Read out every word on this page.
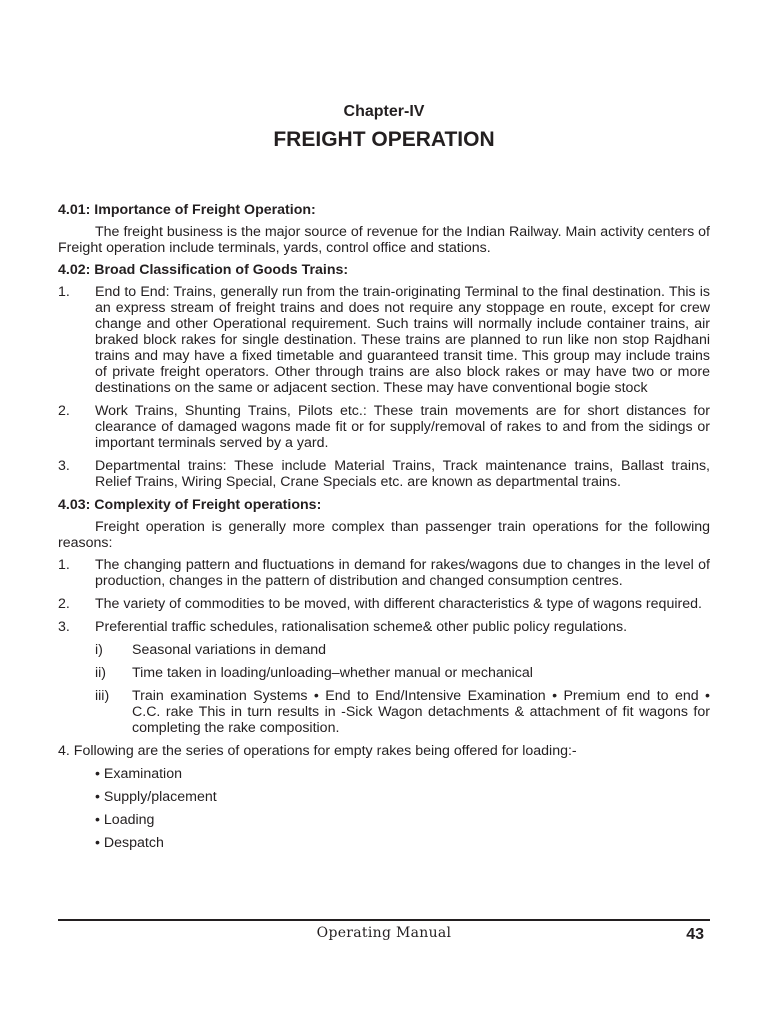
Chapter-IV
FREIGHT OPERATION
4.01: Importance of Freight Operation:
The freight business is the major source of revenue for the Indian Railway. Main activity centers of Freight operation include terminals, yards, control office and stations.
4.02: Broad Classification of Goods Trains:
1. End to End: Trains, generally run from the train-originating Terminal to the final destination. This is an express stream of freight trains and does not require any stoppage en route, except for crew change and other Operational requirement. Such trains will normally include container trains, air braked block rakes for single destination. These trains are planned to run like non stop Rajdhani trains and may have a fixed timetable and guaranteed transit time. This group may include trains of private freight operators. Other through trains are also block rakes or may have two or more destinations on the same or adjacent section. These may have conventional bogie stock
2. Work Trains, Shunting Trains, Pilots etc.: These train movements are for short distances for clearance of damaged wagons made fit or for supply/removal of rakes to and from the sidings or important terminals served by a yard.
3. Departmental trains: These include Material Trains, Track maintenance trains, Ballast trains, Relief Trains, Wiring Special, Crane Specials etc. are known as departmental trains.
4.03: Complexity of Freight operations:
Freight operation is generally more complex than passenger train operations for the following reasons:
1. The changing pattern and fluctuations in demand for rakes/wagons due to changes in the level of production, changes in the pattern of distribution and changed consumption centres.
2. The variety of commodities to be moved, with different characteristics & type of wagons required.
3. Preferential traffic schedules, rationalisation scheme& other public policy regulations.
i) Seasonal variations in demand
ii) Time taken in loading/unloading–whether manual or mechanical
iii) Train examination Systems • End to End/Intensive Examination • Premium end to end • C.C. rake This in turn results in -Sick Wagon detachments & attachment of fit wagons for completing the rake composition.
4. Following are the series of operations for empty rakes being offered for loading:-
• Examination
• Supply/placement
• Loading
• Despatch
Operating Manual	43
